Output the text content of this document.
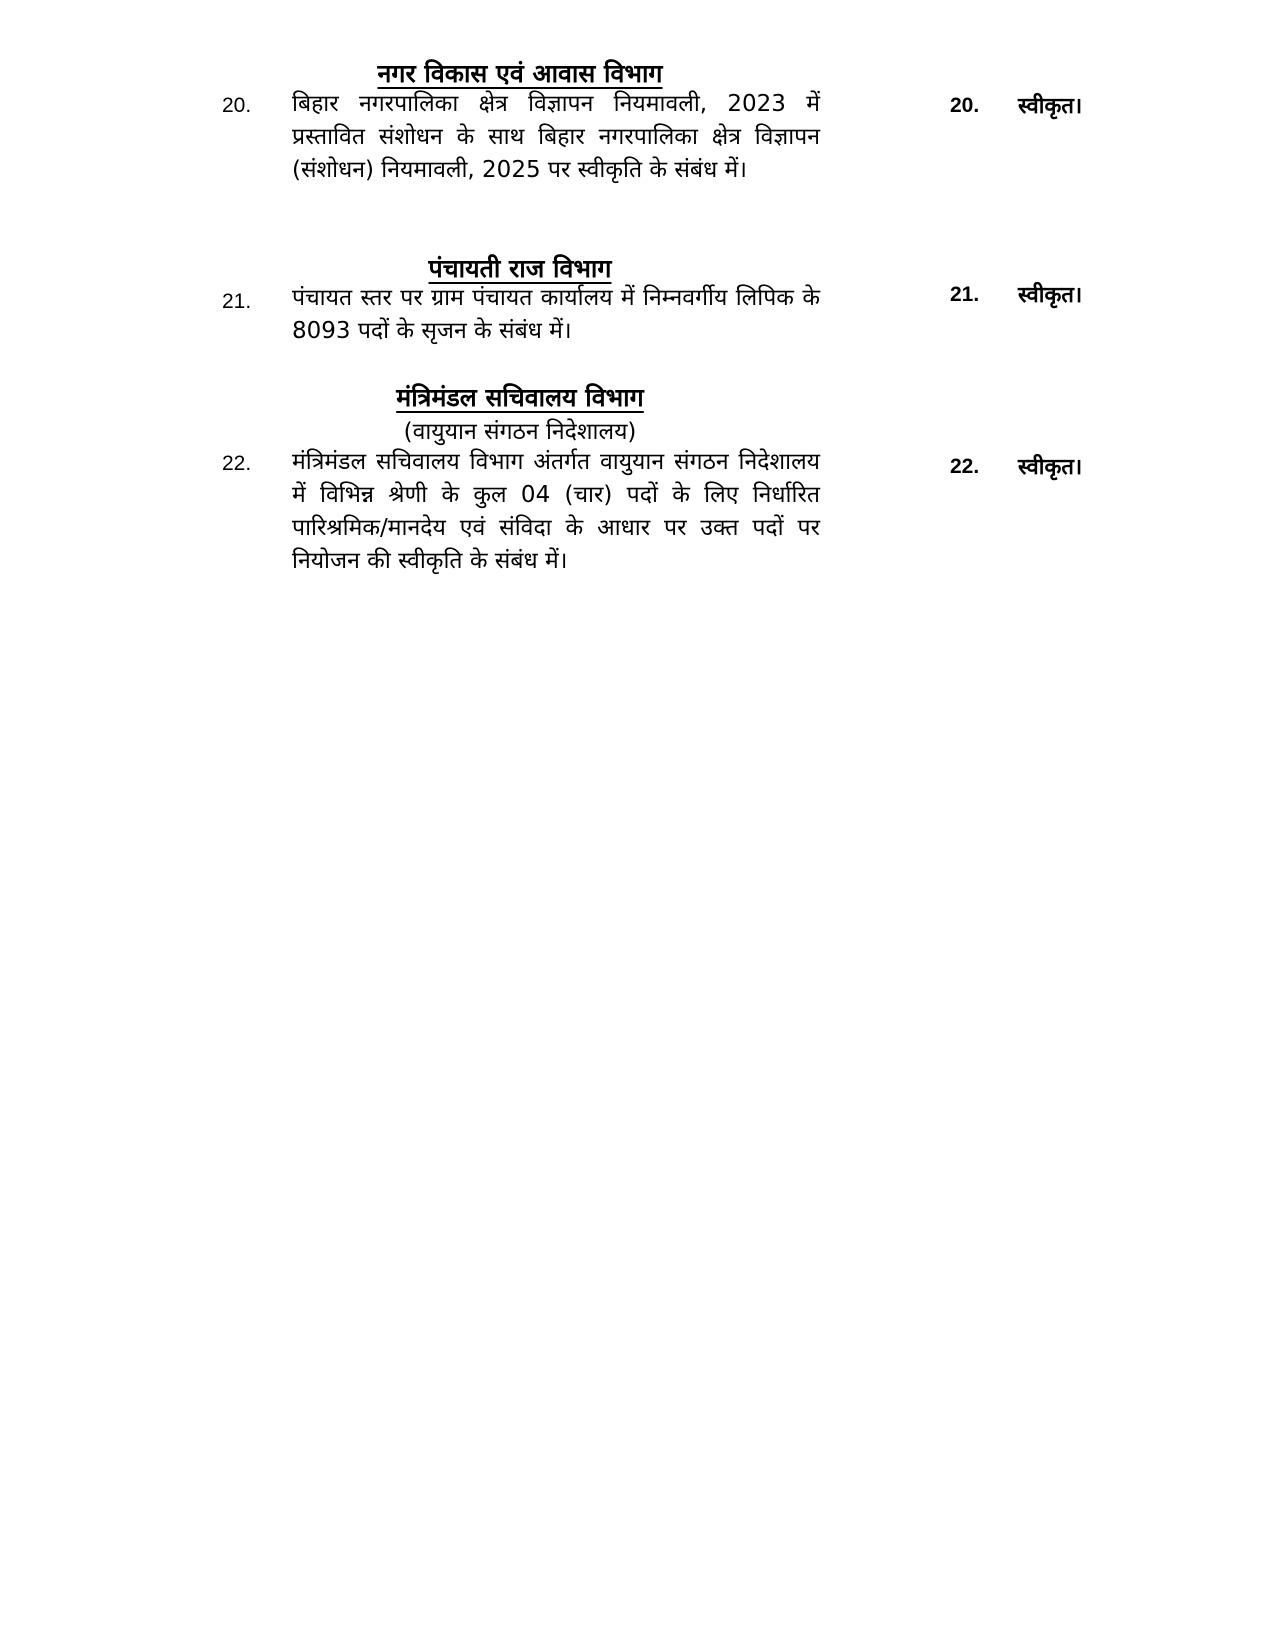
नगर विकास एवं आवास विभाग
20. बिहार नगरपालिका क्षेत्र विज्ञापन नियमावली, 2023 में प्रस्तावित संशोधन के साथ बिहार नगरपालिका क्षेत्र विज्ञापन (संशोधन) नियमावली, 2025 पर स्वीकृति के संबंध में।
20. स्वीकृत।
पंचायती राज विभाग
21. पंचायत स्तर पर ग्राम पंचायत कार्यालय में निम्नवर्गीय लिपिक के 8093 पदों के सृजन के संबंध में।
21. स्वीकृत।
मंत्रिमंडल सचिवालय विभाग
(वायुयान संगठन निदेशालय)
22. मंत्रिमंडल सचिवालय विभाग अंतर्गत वायुयान संगठन निदेशालय में विभिन्न श्रेणी के कुल 04 (चार) पदों के लिए निर्धारित पारिश्रमिक/मानदेय एवं संविदा के आधार पर उक्त पदों पर नियोजन की स्वीकृति के संबंध में।
22. स्वीकृत।
